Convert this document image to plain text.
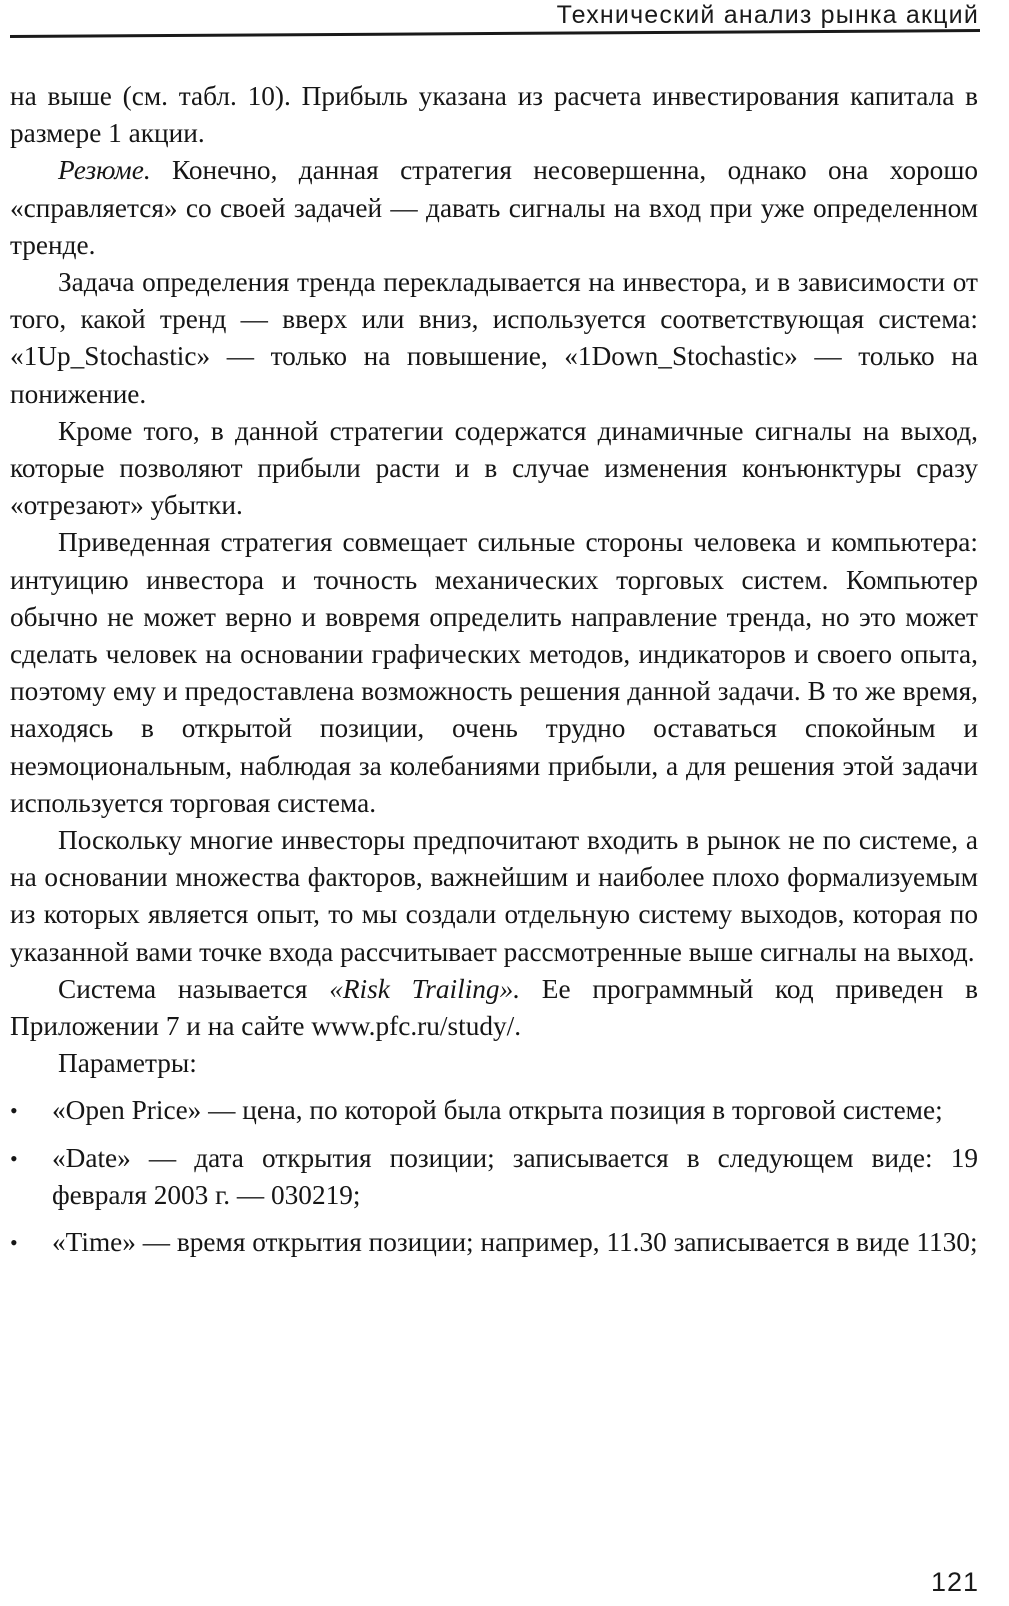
Технический анализ рынка акций

на выше (см. табл. 10). Прибыль указана из расчета инвестирования капитала в размере 1 акции.

Резюме. Конечно, данная стратегия несовершенна, однако она хорошо «справляется» со своей задачей — давать сигналы на вход при уже определенном тренде.

Задача определения тренда перекладывается на инвестора, и в зависимости от того, какой тренд — вверх или вниз, используется соответствующая система: «1Up_Stochastic» — только на повышение, «1Down_Stochastic» — только на понижение.

Кроме того, в данной стратегии содержатся динамичные сигналы на выход, которые позволяют прибыли расти и в случае изменения конъюнктуры сразу «отрезают» убытки.

Приведенная стратегия совмещает сильные стороны человека и компьютера: интуицию инвестора и точность механических торговых систем. Компьютер обычно не может верно и вовремя определить направление тренда, но это может сделать человек на основании графических методов, индикаторов и своего опыта, поэтому ему и предоставлена возможность решения данной задачи. В то же время, находясь в открытой позиции, очень трудно оставаться спокойным и неэмоциональным, наблюдая за колебаниями прибыли, а для решения этой задачи используется торговая система.

Поскольку многие инвесторы предпочитают входить в рынок не по системе, а на основании множества факторов, важнейшим и наиболее плохо формализуемым из которых является опыт, то мы создали отдельную систему выходов, которая по указанной вами точке входа рассчитывает рассмотренные выше сигналы на выход.

Система называется «Risk Trailing». Ее программный код приведен в Приложении 7 и на сайте www.pfc.ru/study/.

Параметры:

•	«Open Price» — цена, по которой была открыта позиция в торговой системе;
•	«Date» — дата открытия позиции; записывается в следующем виде: 19 февраля 2003 г. — 030219;
•	«Time» — время открытия позиции; например, 11.30 записывается в виде 1130;
121
